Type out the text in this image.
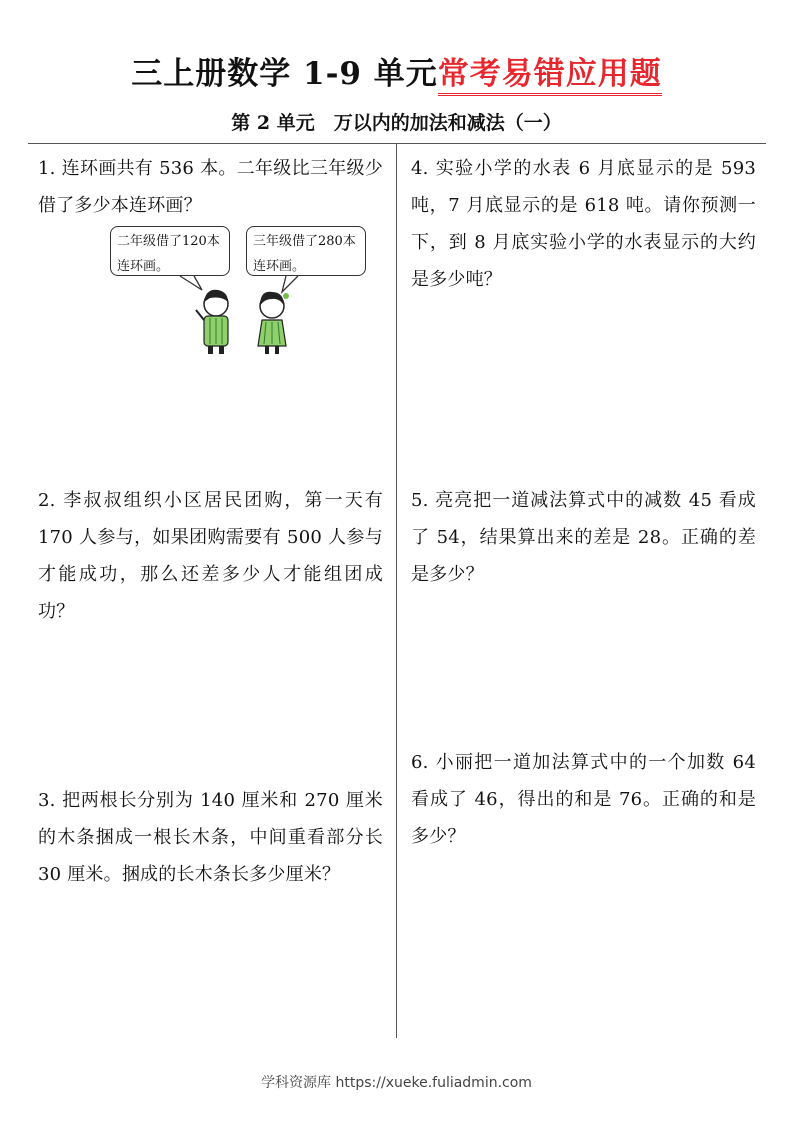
三上册数学 1-9 单元常考易错应用题
第 2 单元　万以内的加法和减法（一）
1. 连环画共有 536 本。二年级比三年级少借了多少本连环画？
二年级借了120本连环画。
三年级借了280本连环画。
2. 李叔叔组织小区居民团购，第一天有 170 人参与，如果团购需要有 500 人参与才能成功，那么还差多少人才能组团成功？
3. 把两根长分别为 140 厘米和 270 厘米的木条捆成一根长木条，中间重看部分长 30 厘米。捆成的长木条长多少厘米？
4. 实验小学的水表 6 月底显示的是 593 吨，7 月底显示的是 618 吨。请你预测一下，到 8 月底实验小学的水表显示的大约是多少吨？
5. 亮亮把一道减法算式中的减数 45 看成了 54，结果算出来的差是 28。正确的差是多少？
6. 小丽把一道加法算式中的一个加数 64 看成了 46，得出的和是 76。正确的和是多少？
学科资源库 https://xueke.fuliadmin.com
